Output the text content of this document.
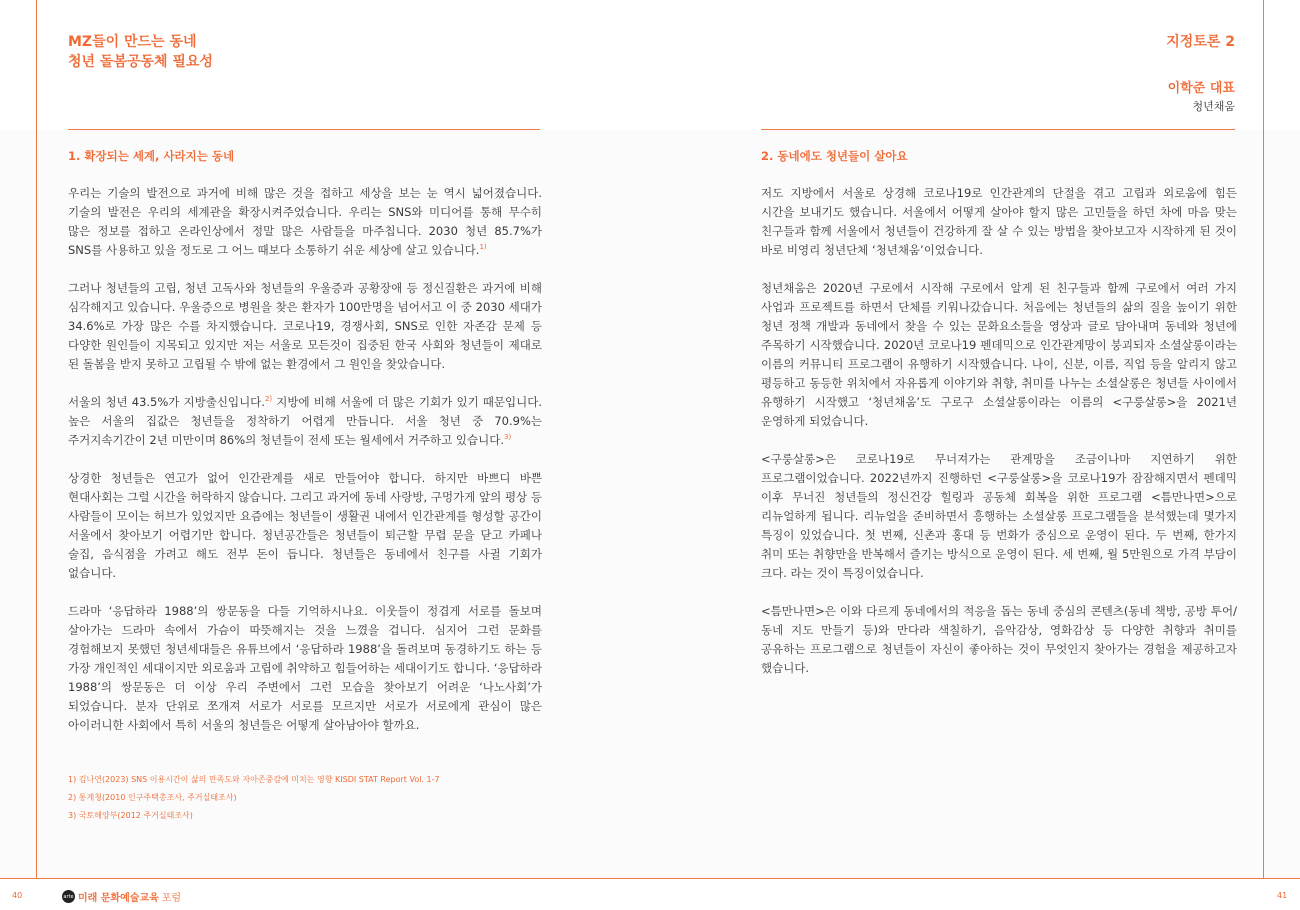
MZ들이 만드는 동네
청년 돌봄공동체 필요성
지정토론 2
이학준 대표
청년채움
1. 확장되는 세계, 사라지는 동네

우리는 기술의 발전으로 과거에 비해 많은 것을 접하고 세상을 보는 눈 역시 넓어졌습니다. 기술의 발전은 우리의 세계관을 확장시켜주었습니다. 우리는 SNS와 미디어를 통해 무수히 많은 정보를 접하고 온라인상에서 정말 많은 사람들을 마주칩니다. 2030 청년 85.7%가 SNS를 사용하고 있을 정도로 그 어느 때보다 소통하기 쉬운 세상에 살고 있습니다.$^{1)}$

그러나 청년들의 고립, 청년 고독사와 청년들의 우울증과 공황장애 등 정신질환은 과거에 비해 심각해지고 있습니다. 우울증으로 병원을 찾은 환자가 100만명을 넘어서고 이 중 2030 세대가 34.6%로 가장 많은 수를 차지했습니다. 코로나19, 경쟁사회, SNS로 인한 자존감 문제 등 다양한 원인들이 지목되고 있지만 저는 서울로 모든것이 집중된 한국 사회와 청년들이 제대로 된 돌봄을 받지 못하고 고립될 수 밖에 없는 환경에서 그 원인을 찾았습니다.

서울의 청년 43.5%가 지방출신입니다.$^{2)}$ 지방에 비해 서울에 더 많은 기회가 있기 때문입니다. 높은 서울의 집값은 청년들을 정착하기 어렵게 만듭니다. 서울 청년 중 70.9%는 주거지속기간이 2년 미만이며 86%의 청년들이 전세 또는 월세에서 거주하고 있습니다.$^{3)}$

상경한 청년들은 연고가 없어 인간관계를 새로 만들어야 합니다. 하지만 바쁘디 바쁜 현대사회는 그럴 시간을 허락하지 않습니다. 그리고 과거에 동네 사랑방, 구멍가게 앞의 평상 등 사람들이 모이는 허브가 있었지만 요즘에는 청년들이 생활권 내에서 인간관계를 형성할 공간이 서울에서 찾아보기 어렵기만 합니다. 청년공간들은 청년들이 퇴근할 무렵 문을 닫고 카페나 술집, 음식점을 가려고 해도 전부 돈이 듭니다. 청년들은 동네에서 친구를 사귈 기회가 없습니다.

드라마 ‘응답하라 1988’의 쌍문동을 다들 기억하시나요. 이웃들이 정겹게 서로를 돌보며 살아가는 드라마 속에서 가슴이 따뜻해지는 것을 느꼈을 겁니다. 심지어 그런 문화를 경험해보지 못했던 청년세대들은 유튜브에서 ‘응답하라 1988’을 돌려보며 동경하기도 하는 등 가장 개인적인 세대이지만 외로움과 고립에 취약하고 힘들어하는 세대이기도 합니다. ‘응답하라 1988’의 쌍문동은 더 이상 우리 주변에서 그런 모습을 찾아보기 어려운 ‘나노사회’가 되었습니다. 분자 단위로 쪼개져 서로가 서로를 모르지만 서로가 서로에게 관심이 많은 아이러니한 사회에서 특히 서울의 청년들은 어떻게 살아남아야 할까요.

2. 동네에도 청년들이 살아요

저도 지방에서 서울로 상경해 코로나19로 인간관계의 단절을 겪고 고립과 외로움에 힘든 시간을 보내기도 했습니다. 서울에서 어떻게 살아야 할지 많은 고민들을 하던 차에 마음 맞는 친구들과 함께 서울에서 청년들이 건강하게 잘 살 수 있는 방법을 찾아보고자 시작하게 된 것이 바로 비영리 청년단체 ‘청년채움’이었습니다.

청년채움은 2020년 구로에서 시작해 구로에서 알게 된 친구들과 함께 구로에서 여러 가지 사업과 프로젝트를 하면서 단체를 키워나갔습니다. 처음에는 청년들의 삶의 질을 높이기 위한 청년 정책 개발과 동네에서 찾을 수 있는 문화요소들을 영상과 글로 담아내며 동네와 청년에 주목하기 시작했습니다. 2020년 코로나19 펜데믹으로 인간관계망이 붕괴되자 소셜살롱이라는 이름의 커뮤니티 프로그램이 유행하기 시작했습니다. 나이, 신분, 이름, 직업 등을 알리지 않고 평등하고 동등한 위치에서 자유롭게 이야기와 취향, 취미를 나누는 소셜살롱은 청년들 사이에서 유행하기 시작했고 ‘청년채움’도 구로구 소셜살롱이라는 이름의 <구룽살롱>을 2021년 운영하게 되었습니다.

<구룽살롱>은 코로나19로 무너져가는 관계망을 조금이나마 지연하기 위한 프로그램이었습니다. 2022년까지 진행하던 <구룽살롱>을 코로나19가 잠잠해지면서 펜데믹 이후 무너진 청년들의 정신건강 힐링과 공동체 회복을 위한 프로그램 <틈만나면>으로 리뉴얼하게 됩니다. 리뉴얼을 준비하면서 흥행하는 소셜살롱 프로그램들을 분석했는데 몇가지 특징이 있었습니다. 첫 번째, 신촌과 홍대 등 번화가 중심으로 운영이 된다. 두 번째, 한가지 취미 또는 취향만을 반복해서 즐기는 방식으로 운영이 된다. 세 번째, 월 5만원으로 가격 부담이 크다. 라는 것이 특징이었습니다.

<틈만나면>은 이와 다르게 동네에서의 적응을 돕는 동네 중심의 콘텐츠(동네 책방, 공방 투어/동네 지도 만들기 등)와 만다라 색칠하기, 음악감상, 영화감상 등 다양한 취향과 취미를 공유하는 프로그램으로 청년들이 자신이 좋아하는 것이 무엇인지 찾아가는 경험을 제공하고자 했습니다.

1) 김나연(2023) SNS 이용시간이 삶의 만족도와 자아존중감에 미치는 영향 KISDI STAT Report Vol. 1-7
2) 통계청(2010 인구주택총조사, 주거실태조사)
3) 국토해양부(2012 주거실태조사)
40	41
arte 미래 문화예술교육 포럼
